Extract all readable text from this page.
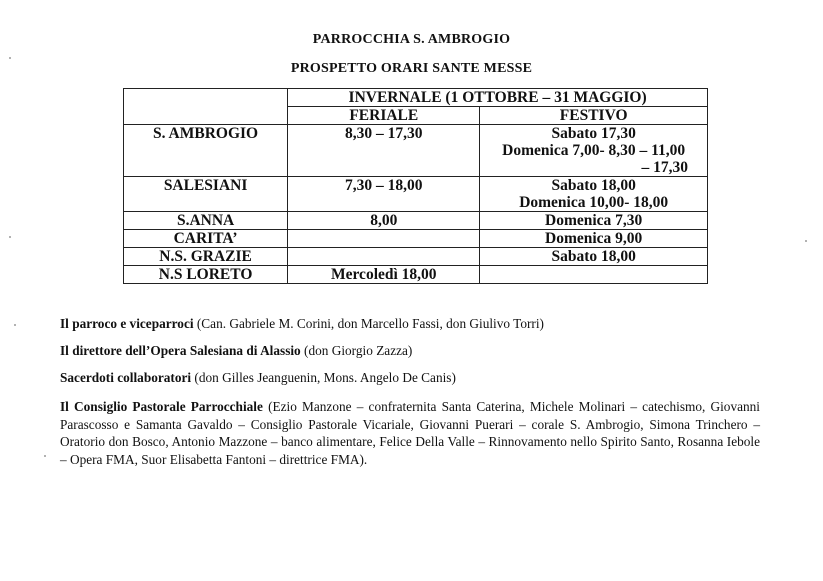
PARROCCHIA S. AMBROGIO
PROSPETTO ORARI SANTE MESSE
	INVERNALE (1 OTTOBRE – 31 MAGGIO)	
	FERIALE	FESTIVO
S. AMBROGIO	8,30 – 17,30	Sabato 17,30
Domenica 7,00- 8,30 – 11,00
– 17,30

SALESIANI	7,30 – 18,00	Sabato 18,00
Domenica 10,00- 18,00

S.ANNA	8,00	Domenica 7,30

CARITA’		Domenica 9,00

N.S. GRAZIE		Sabato 18,00

N.S LORETO	Mercoledì 18,00	

Il parroco e viceparroci (Can. Gabriele M. Corini, don Marcello Fassi, don Giulivo Torri)
Il direttore dell’Opera Salesiana di Alassio (don Giorgio Zazza)
Sacerdoti collaboratori (don Gilles Jeanguenin, Mons. Angelo De Canis)
Il Consiglio Pastorale Parrocchiale (Ezio Manzone – confraternita Santa Caterina, Michele Molinari – catechismo, Giovanni Parascosso e Samanta Gavaldo – Consiglio Pastorale Vicariale, Giovanni Puerari – corale S. Ambrogio, Simona Trinchero – Oratorio don Bosco, Antonio Mazzone – banco alimentare, Felice Della Valle – Rinnovamento nello Spirito Santo, Rosanna Iebole – Opera FMA, Suor Elisabetta Fantoni – direttrice FMA).
